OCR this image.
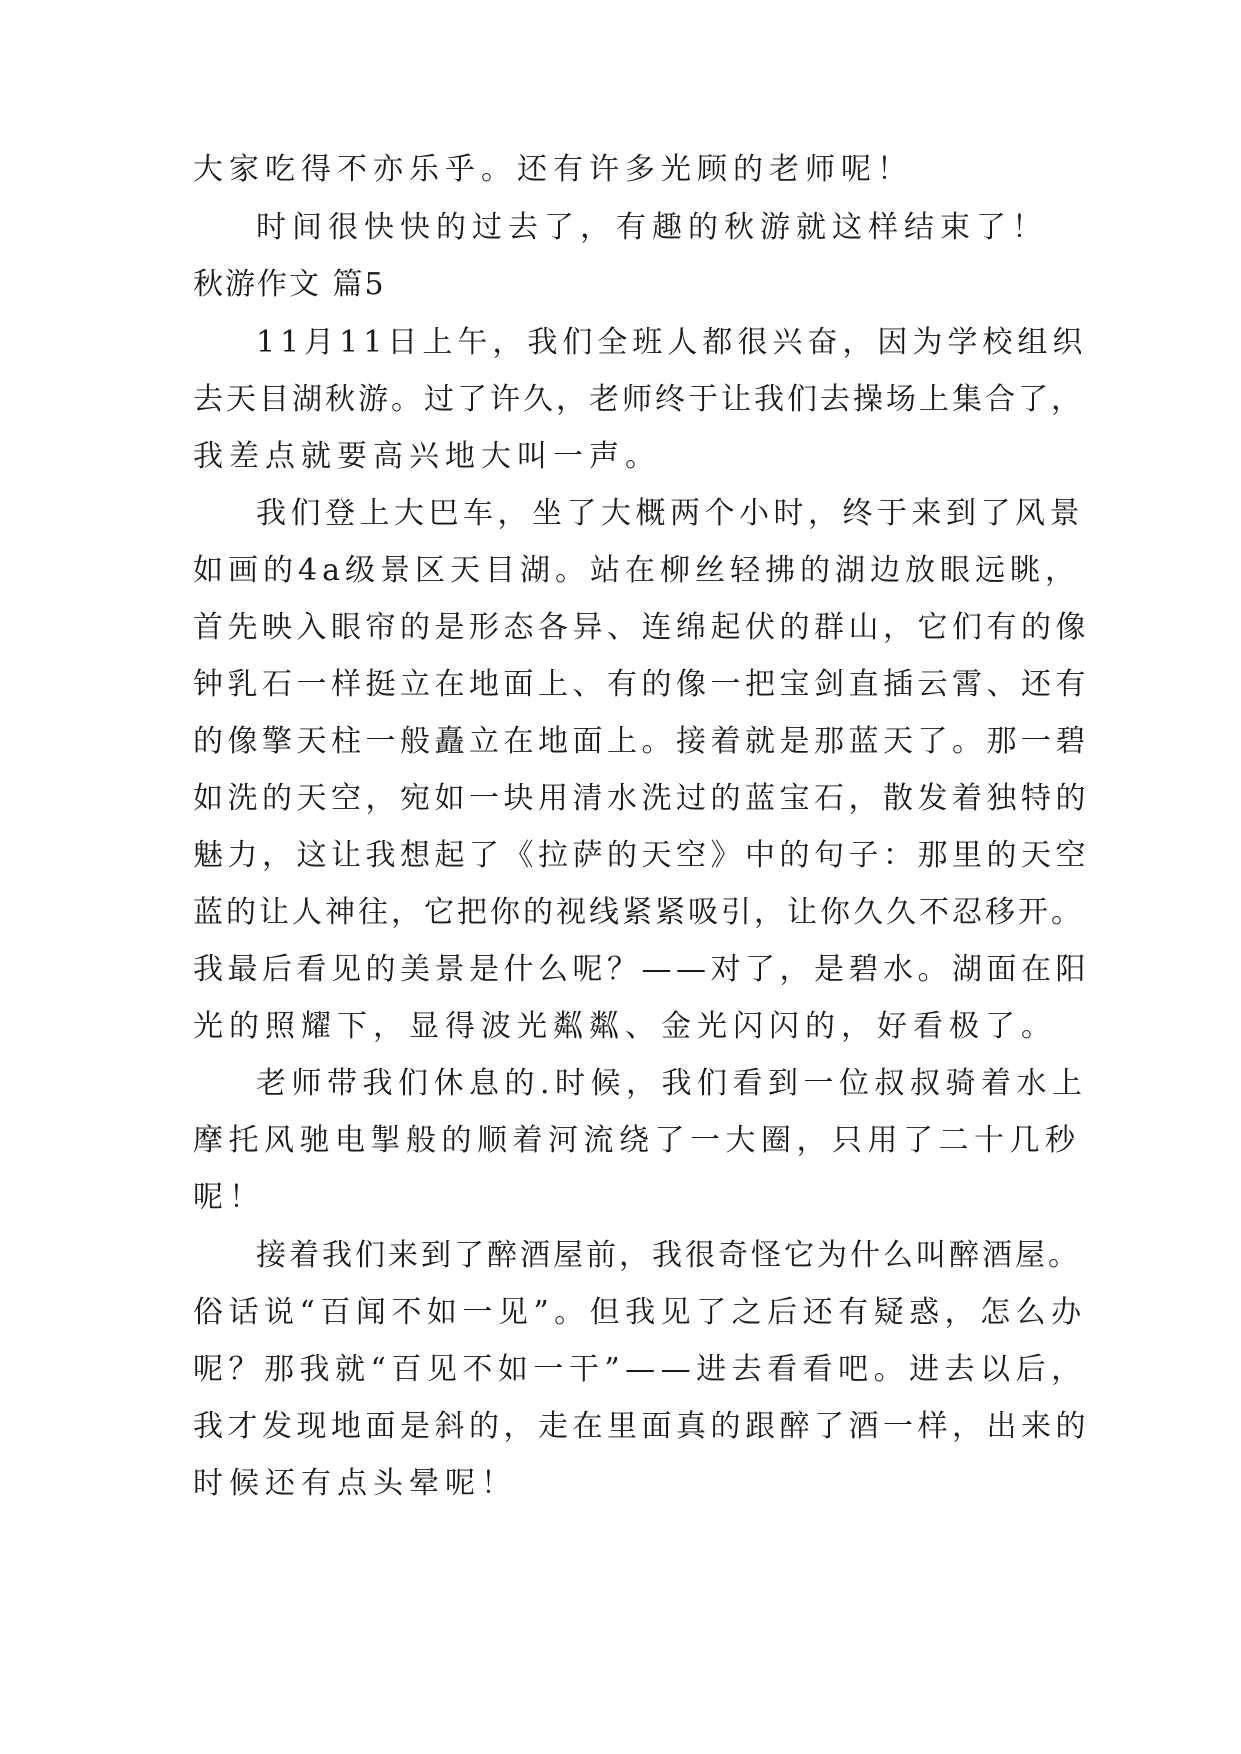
大家吃得不亦乐乎。还有许多光顾的老师呢！
时间很快快的过去了，有趣的秋游就这样结束了！
秋游作文 篇5
11月11日上午，我们全班人都很兴奋，因为学校组织
去天目湖秋游。过了许久，老师终于让我们去操场上集合了，
我差点就要高兴地大叫一声。
我们登上大巴车，坐了大概两个小时，终于来到了风景
如画的4a级景区天目湖。站在柳丝轻拂的湖边放眼远眺，
首先映入眼帘的是形态各异、连绵起伏的群山，它们有的像
钟乳石一样挺立在地面上、有的像一把宝剑直插云霄、还有
的像擎天柱一般矗立在地面上。接着就是那蓝天了。那一碧
如洗的天空，宛如一块用清水洗过的蓝宝石，散发着独特的
魅力，这让我想起了《拉萨的天空》中的句子：那里的天空
蓝的让人神往，它把你的视线紧紧吸引，让你久久不忍移开。
我最后看见的美景是什么呢？——对了，是碧水。湖面在阳
光的照耀下，显得波光粼粼、金光闪闪的，好看极了。
老师带我们休息的.时候，我们看到一位叔叔骑着水上
摩托风驰电掣般的顺着河流绕了一大圈，只用了二十几秒
呢！
接着我们来到了醉酒屋前，我很奇怪它为什么叫醉酒屋。
俗话说“百闻不如一见”。但我见了之后还有疑惑，怎么办
呢？那我就“百见不如一干”——进去看看吧。进去以后，
我才发现地面是斜的，走在里面真的跟醉了酒一样，出来的
时候还有点头晕呢！
